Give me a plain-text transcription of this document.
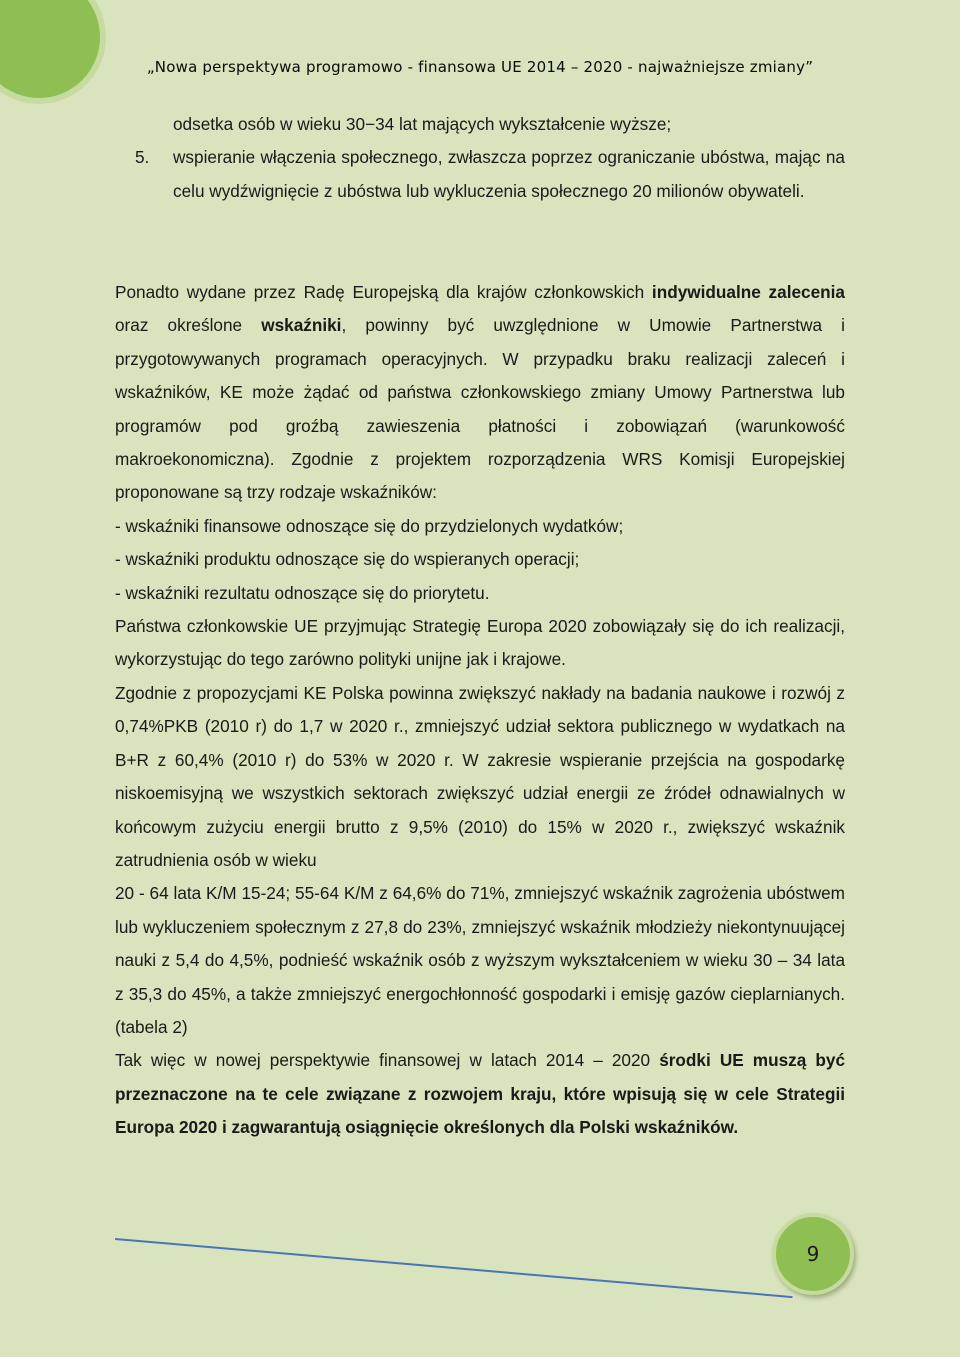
„Nowa perspektywa programowo - finansowa UE 2014 – 2020 - najważniejsze zmiany”
odsetka osób w wieku 30−34 lat mających wykształcenie wyższe;
5. wspieranie włączenia społecznego, zwłaszcza poprzez ograniczanie ubóstwa, mając na celu wydźwignięcie z ubóstwa lub wykluczenia społecznego 20 milionów obywateli.

Ponadto wydane przez Radę Europejską dla krajów członkowskich indywidualne zalecenia oraz określone wskaźniki, powinny być uwzględnione w Umowie Partnerstwa i przygotowywanych programach operacyjnych. W przypadku braku realizacji zaleceń i wskaźników, KE może żądać od państwa członkowskiego zmiany Umowy Partnerstwa lub programów pod groźbą zawieszenia płatności i zobowiązań (warunkowość makroekonomiczna). Zgodnie z projektem rozporządzenia WRS Komisji Europejskiej proponowane są trzy rodzaje wskaźników:

- wskaźniki finansowe odnoszące się do przydzielonych wydatków;

- wskaźniki produktu odnoszące się do wspieranych operacji;

- wskaźniki rezultatu odnoszące się do priorytetu.

Państwa członkowskie UE przyjmując Strategię Europa 2020 zobowiązały się do ich realizacji, wykorzystując do tego zarówno polityki unijne jak i krajowe.

Zgodnie z propozycjami KE Polska powinna zwiększyć nakłady na badania naukowe i rozwój z 0,74%PKB (2010 r) do 1,7 w 2020 r., zmniejszyć udział sektora publicznego w wydatkach na B+R z 60,4% (2010 r) do 53% w 2020 r. W zakresie wspieranie przejścia na gospodarkę niskoemisyjną we wszystkich sektorach zwiększyć udział energii ze źródeł odnawialnych w końcowym zużyciu energii brutto z 9,5% (2010) do 15% w 2020 r., zwiększyć wskaźnik zatrudnienia osób w wieku

20 - 64 lata K/M 15-24; 55-64 K/M z 64,6% do 71%, zmniejszyć wskaźnik zagrożenia ubóstwem lub wykluczeniem społecznym z 27,8 do 23%, zmniejszyć wskaźnik młodzieży niekontynuującej nauki z 5,4 do 4,5%, podnieść wskaźnik osób z wyższym wykształceniem w wieku 30 – 34 lata z 35,3 do 45%, a także zmniejszyć energochłonność gospodarki i emisję gazów cieplarnianych. (tabela 2)

Tak więc w nowej perspektywie finansowej w latach 2014 – 2020 środki UE muszą być przeznaczone na te cele związane z rozwojem kraju, które wpisują się w cele Strategii Europa 2020 i zagwarantują osiągnięcie określonych dla Polski wskaźników.

9
